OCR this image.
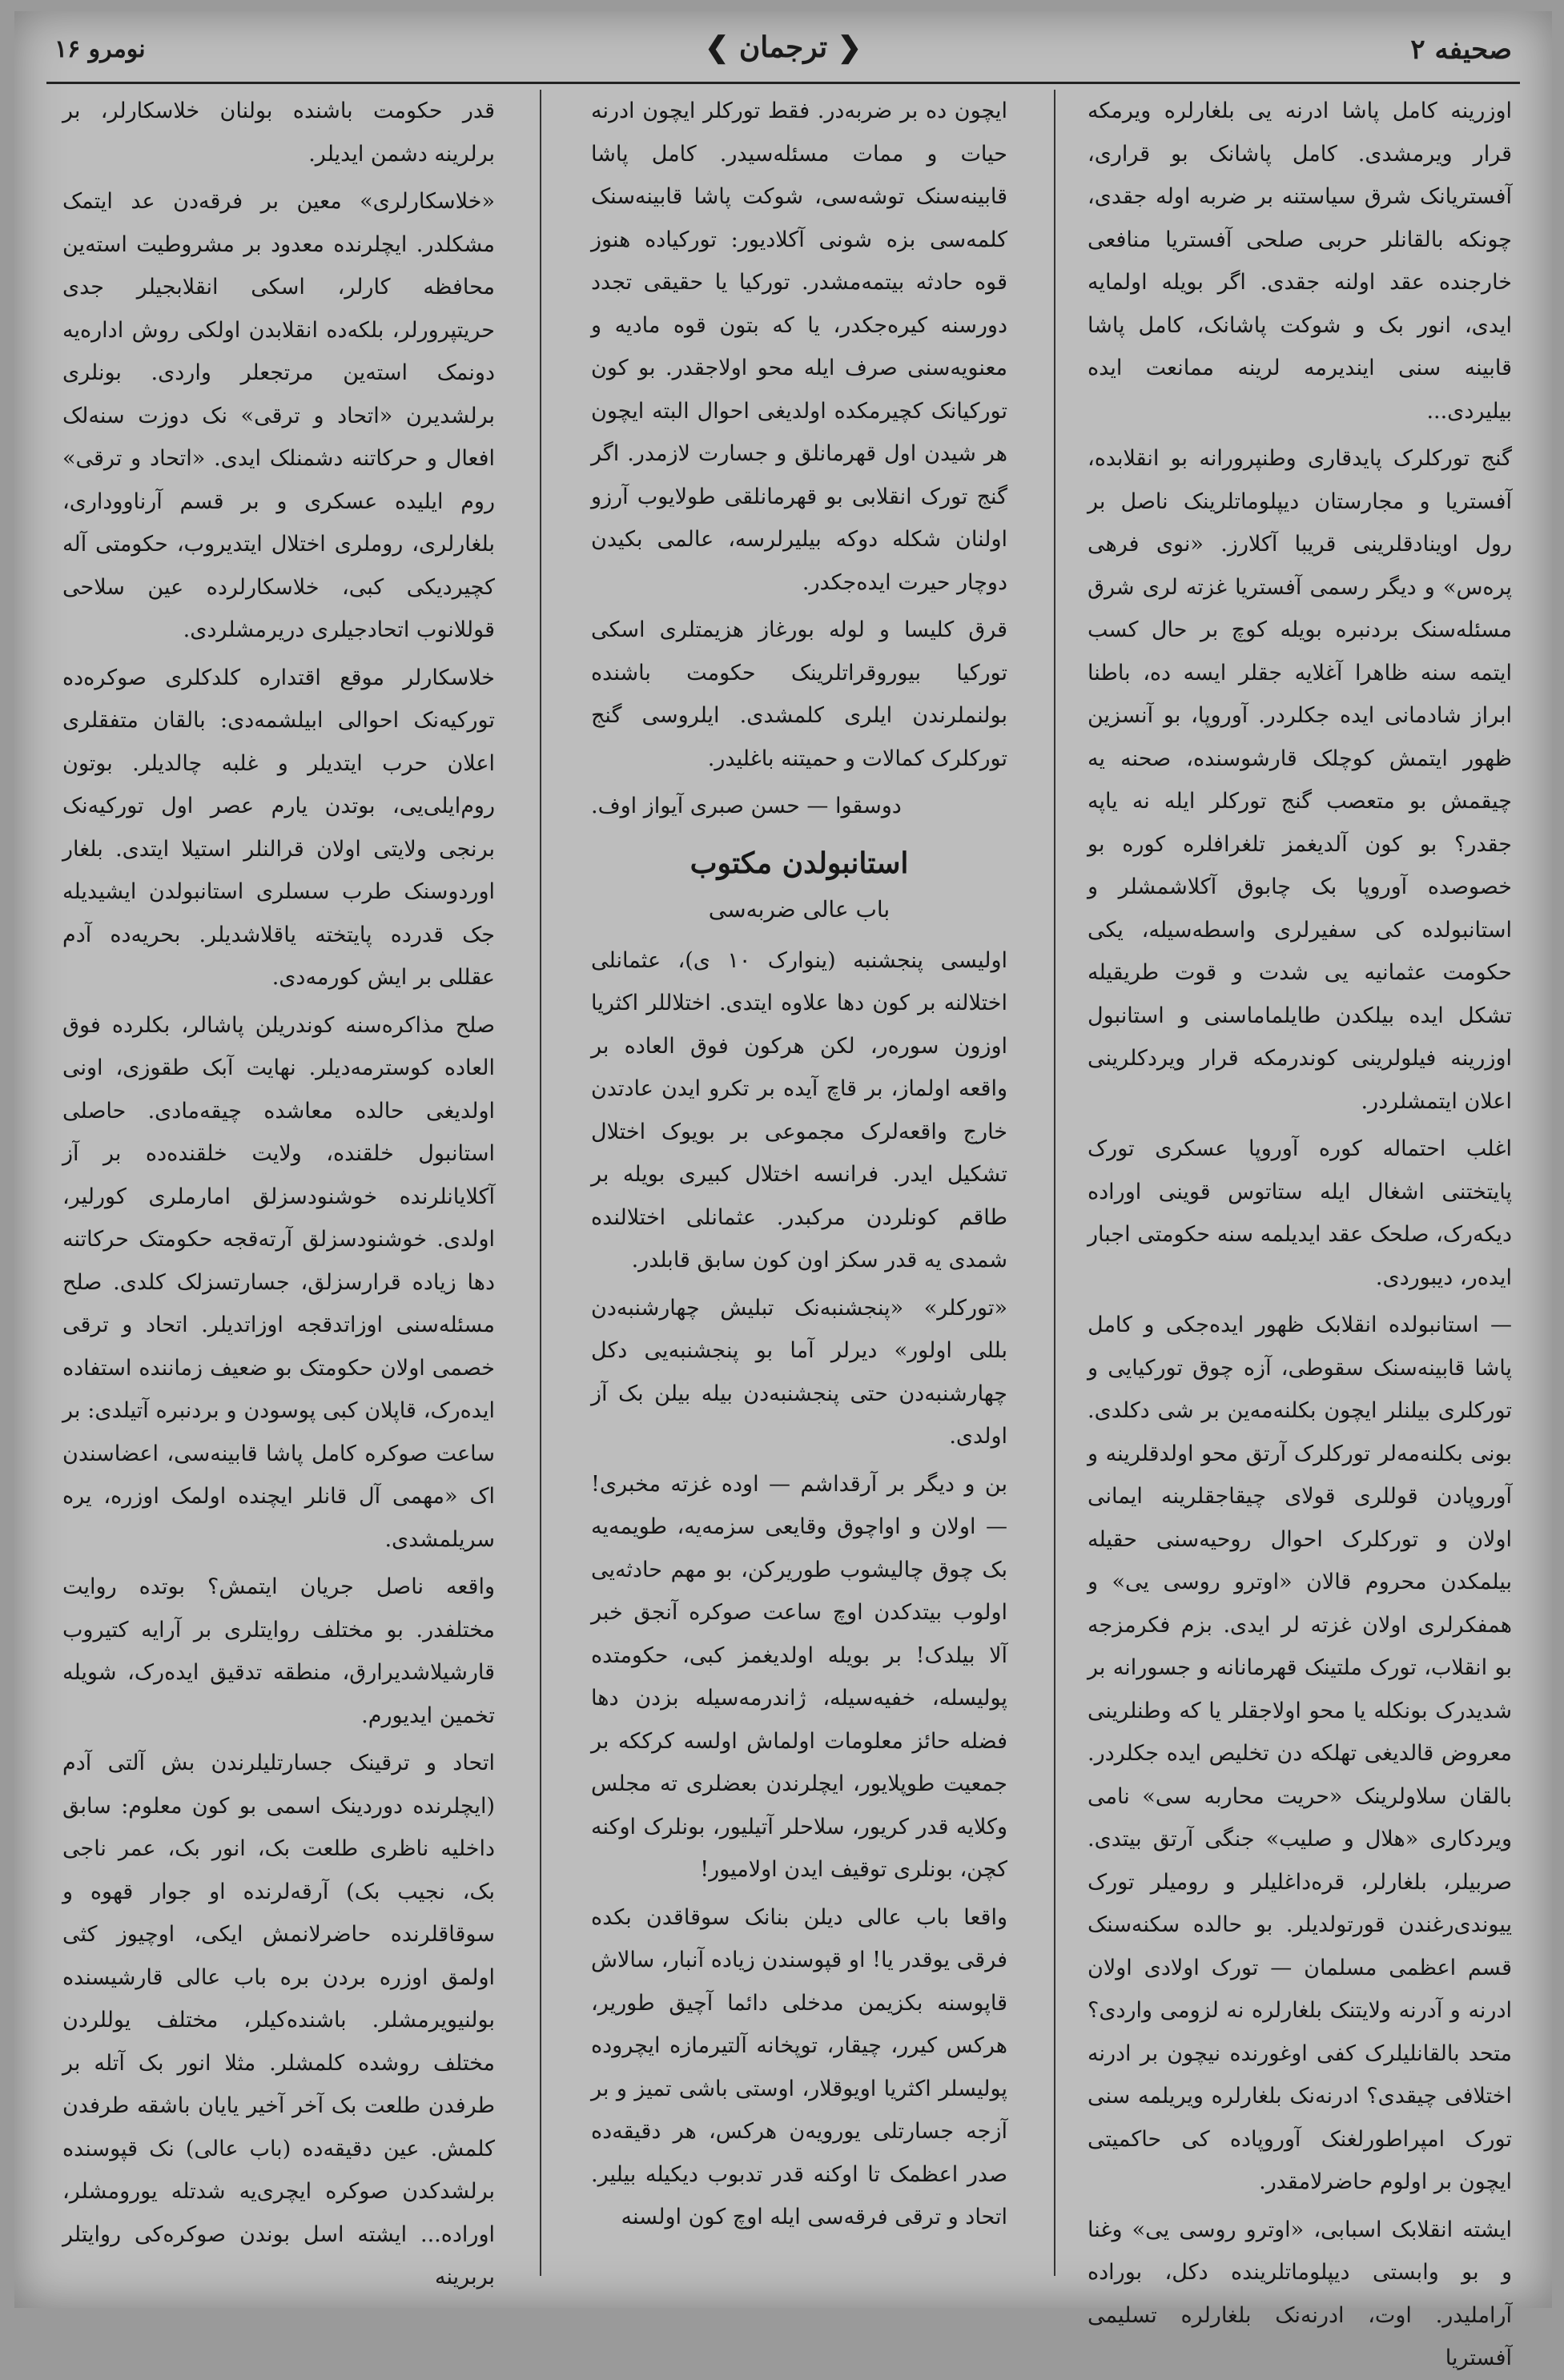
صحیفه ۲
❮ ترجمان ❯
نومرو ۱۶

اوزرینه کامل پاشا ادرنه یی بلغارلره ویرمکه قرار ویرمشدی. کامل پاشانک بو قراری، آفستریانک شرق سیاستنه بر ضربه اوله جقدی، چونکه بالقانلر حربی صلحی آفستریا منافعی خارجنده عقد اولنه جقدی. اگر بویله اولمایه ایدی، انور بک و شوکت پاشانک، کامل پاشا قابینه سنی ایندیرمه لرینه ممانعت ایده بیلیردی...

گنج تورکلرک پایدقاری وطنپرورانه بو انقلابده، آفستریا و مجارستان دیپلوماتلرینک ناصل بر رول اوینادقلرینی قریبا آکلارز. «نوی فرهی پره‌س» و دیگر رسمی آفستریا غزته لری شرق مسئله‌سنک بردنبره بویله کوچ بر حال کسب ایتمه سنه ظاهرا آغلایه جقلر ایسه ده، باطنا ابراز شادمانی ایده جکلردر. آوروپا، بو آنسزین ظهور ایتمش کوچلک قارشوسنده، صحنه یه چیقمش بو متعصب گنج تورکلر ایله نه یاپه جقدر؟ بو کون آلدیغمز تلغرافلره کوره بو خصوصده آوروپا بک چابوق آکلاشمشلر و استانبولده کی سفیرلری واسطه‌سیله، یکی حکومت عثمانیه یی شدت و قوت طریقیله تشکل ایده بیلکدن طایلماماسنی و استانبول اوزرینه فیلولرینی کوندرمکه قرار ویردکلرینی اعلان ایتمشلردر.

اغلب احتماله کوره آوروپا عسکری تورک پایتختنی اشغال ایله ستاتوس قوینی اوراده دیکه‌رک، صلحک عقد ایدیلمه سنه حکومتی اجبار ایده‌ر، دیبوردی.

— استانبولده انقلابک ظهور ایده‌جکی و کامل پاشا قابینه‌سنک سقوطی، آزه چوق تورکیایی و تورکلری بیلنلر ایچون بکلنه‌مه‌ین بر شی دکلدی. بونی بکلنه‌مه‌لر تورکلرک آرتق محو اولدقلرینه و آوروپادن قوللری قولای چیقاجقلرینه ایمانی اولان و تورکلرک احوال روحیه‌سنی حقیله بیلمکدن محروم قالان «اوترو روسی یی» و همفکرلری اولان غزته لر ایدی. بزم فکرمزجه بو انقلاب، تورک ملتینک قهرمانانه و جسورانه بر شدیدرک بونکله یا محو اولاجقلر یا که وطنلرینی معروض قالدیغی تهلکه دن تخلیص ایده جکلردر. بالقان سلاولرینک «حریت محاربه سی» نامی ویردکاری «هلال و صلیب» جنگی آرتق بیتدی. صربیلر، بلغارلر، قره‌داغلیلر و رومیلر تورک ییوندی‌رغندن قورتولدیلر. بو حالده سکنه‌سنک قسم اعظمی مسلمان — تورک اولادی اولان ادرنه و آدرنه ولایتنک بلغارلره نه لزومی واردی؟ متحد بالقانلیلرک کفی اوغورنده نیچون بر ادرنه اختلافی چیقدی؟ ادرنه‌نک بلغارلره ویریلمه سنی تورک امپراطورلغنک آوروپاده کی حاکمیتی ایچون بر اولوم حاضرلامقدر.

ایشته انقلابک اسبابی، «اوترو روسی یی» وغنا و بو وابستی دیپلوماتلرینده دکل، بوراده آراملیدر. اوت، ادرنه‌نک بلغارلره تسلیمی آفستریا

ایچون ده بر ضربه‌در. فقط تورکلر ایچون ادرنه حیات و ممات مسئله‌سیدر. کامل پاشا قابینه‌سنک توشه‌سی، شوکت پاشا قابینه‌سنک کلمه‌سی بزه شونی آکلادیور: تورکیاده هنوز قوه حادثه بیتمه‌مشدر. تورکیا یا حقیقی تجدد دورسنه کیره‌جکدر، یا که بتون قوه مادیه و معنویه‌سنی صرف ایله محو اولاجقدر. بو کون تورکیانک کچیرمکده اولدیغی احوال البته ایچون هر شیدن اول قهرمانلق و جسارت لازمدر. اگر گنج تورک انقلابی بو قهرمانلقی طولایوب آرزو اولنان شکله دوکه بیلیرلرسه، عالمی بکیدن دوچار حیرت ایده‌جکدر.

قرق کلیسا و لوله بورغاز هزیمتلری اسکی تورکیا بیوروقراتلرینک حکومت باشنده بولنملرندن ایلری کلمشدی. ایلروسی گنج تورکلرک کمالات و حمیتنه باغلیدر.

دوسقوا — حسن صبری آیواز اوف.
استانبولدن مکتوب
باب عالی ضربه‌سی

اولیسی پنجشنبه (ینوارک ۱۰ ی)، عثمانلی اختلالنه بر کون دها علاوه ایتدی. اختلاللر اکثریا اوزون سوره‌ر، لکن هرکون فوق العاده بر واقعه اولماز، بر قاچ آیده بر تکرو ایدن عادتدن خارج واقعه‌لرک مجموعی بر بویوک اختلال تشکیل ایدر. فرانسه اختلال کبیری بویله بر طاقم کونلردن مرکبدر. عثمانلی اختلالنده شمدی یه قدر سکز اون کون سابق قابلدر.

«تورکلر» «پنجشنبه‌نک تبلیش چهارشنبه‌دن بللی اولور» دیرلر آما بو پنجشنبه‌یی دکل چهارشنبه‌دن حتی پنجشنبه‌دن بیله بیلن بک آز اولدی.

بن و دیگر بر آرقداشم — اوده غزته مخبری! — اولان و اوا‌چوق وقایعی سزمه‌یه، طویمه‌یه بک چوق چالیشوب طوریرکن، بو مهم حادثه‌یی اولوب بیتدکدن اوچ ساعت صوکره آنجق خبر آلا بیلدک! بر بویله اولدیغمز کبی، حکومتده پولیسله، خفیه‌سیله، ژاندرمه‌سیله بزدن دها فضله حائز معلومات اولماش اولسه کرککه بر جمعیت طوپلایور، ایچلرندن بعضلری ته مجلس وکلایه قدر کریور، سلاحلر آتیلیور، بونلرک اوکنه کچن، بونلری توقیف ایدن اولامیور!

واقعا باب عالی دیلن بنانک سوقاقدن بکده فرقی یوقدر یا! او قپوسندن زیاده آنبار، سالاش قاپوسنه بکزیمن مدخلی دائما آچیق طوریر، هرکس کیرر، چیقار، توپخانه آلتیرمازه ایچروده پولیسلر اکثریا اویوقلار، اوستی باشی تمیز و بر آزجه جسارتلی یورویه‌ن هرکس، هر دقیقه‌ده صدر اعظمک تا اوکنه قدر تدبوب دیکیله بیلیر. اتحاد و ترقی فرقه‌سی ایله اوچ کون اولسنه

قدر حکومت باشنده بولنان خلاسکارلر، بر برلرینه دشمن ایدیلر.

«خلاسکارلری» معین بر فرقه‌دن عد ایتمک مشکلدر. ایچلرنده معدود بر مشروطیت استه‌ین محافظه کارلر، اسکی انقلابجیلر جدی حریتپرورلر، بلکه‌ده انقلابدن اولکی روش اداره‌یه دونمک استه‌ین مرتجعلر واردی. بونلری برلشدیرن «اتحاد و ترقی» نک دوزت سنه‌لک افعال و حرکاتنه دشمنلک ایدی. «اتحاد و ترقی» روم ایلیده عسکری و بر قسم آرناووداری، بلغارلری، روملری اختلال ایتدیروب، حکومتی آله کچیردیکی کبی، خلاسکارلرده عین سلاحی قوللانوب اتحادجیلری دریرمشلردی.

خلاسکارلر موقع اقتداره کلدکلری صوکره‌ده تورکیه‌نک احوالی ابیلشمه‌دی: بالقان متفقلری اعلان حرب ایتدیلر و غلبه چالدیلر. بوتون روم‌ایلی‌یی، بوتدن یارم عصر اول تورکیه‌نک برنجی ولایتی اولان قرالنلر استیلا ایتدی. بلغار اوردوسنک طرب سسلری استانبولدن ایشیدیله جک قدرده پایتخته یاقلاشدیلر. بحریه‌ده آدم عقللی بر ایش کورمه‌دی.

صلح مذاکره‌سنه کوندریلن پاشالر، بکلرده فوق العاده کوسترمه‌دیلر. نهایت آبک طقوزی، اونی اولدیغی حالده معاشده چیقه‌مادی. حاصلی استانبول خلقنده، ولایت خلقنده‌ده بر آز آکلایانلرنده خوشنودسزلق امارملری کورلیر، اولدی. خوشنودسزلق آرته‌قجه حکومتک حرکاتنه دها زیاده قرارسزلق، جسارتسزلک کلدی. صلح مسئله‌سنی اوزاتدقجه اوزاتدیلر. اتحاد و ترقی خصمی اولان حکومتک بو ضعیف زماننده استفاده ایده‌رک، قاپلان کبی پوسودن و بردنبره آتیلدی: بر ساعت صوکره کامل پاشا قابینه‌سی، اعضاسندن اک «مهمی آل قانلر ایچنده اولمک اوزره، یره سریلمشدی.

واقعه ناصل جریان ایتمش؟ بوتده روایت مختلفدر. بو مختلف روایتلری بر آرایه کتیروب قارشیلاشدیرارق، منطقه تدقیق ایده‌رک، شویله تخمین ایدیورم.

اتحاد و ترقینک جسارتلیلرندن بش آلتی آدم (ایچلرنده دوردینک اسمی بو کون معلوم: سابق داخلیه ناظری طلعت بک، انور بک، عمر ناجی بک، نجیب بک) آرقه‌لرنده او جوار قهوه و سوقاقلرنده حاضرلانمش ایکی، اوچیوز کثی اولمق اوزره بردن بره باب عالی قارشیسنده بولنیویرمشلر. باشنده‌کیلر، مختلف یوللردن مختلف روشده کلمشلر. مثلا انور بک آتله بر طرفدن طلعت بک آخر آخیر یایان باشقه طرفدن کلمش. عین دقیقه‌ده (باب عالی) نک قپوسنده برلشدکدن صوکره ایچری‌یه شدتله یورومشلر، اوراده... ایشته اسل بوندن صوکره‌کی روایتلر بربرینه
